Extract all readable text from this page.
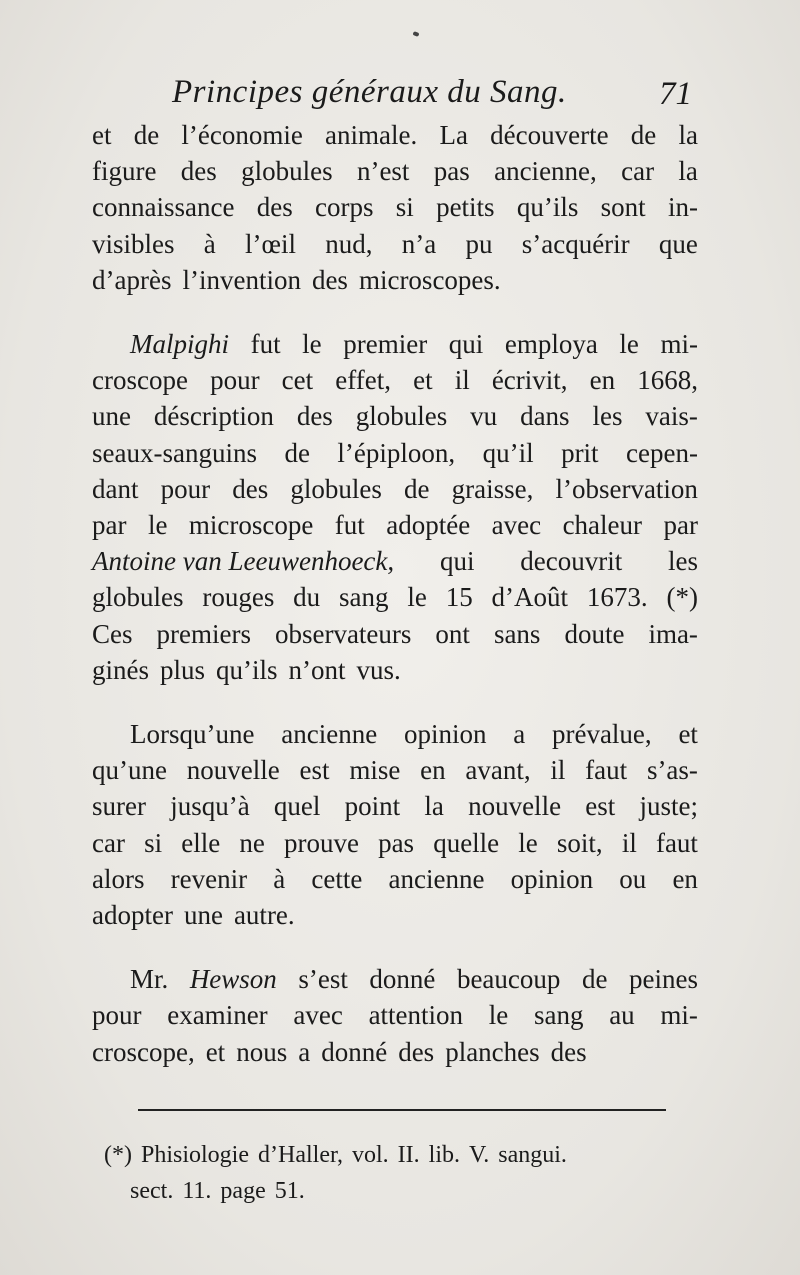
Principes généraux du Sang.	71
et de l’économie animale. La découverte de la
figure des globules n’est pas ancienne, car la
connaissance des corps si petits qu’ils sont in-
visibles à l’œil nud, n’a pu s’acquérir que
d’après l’invention des microscopes.
Malpighi fut le premier qui employa le mi-
croscope pour cet effet, et il écrivit, en 1668,
une déscription des globules vu dans les vais-
seaux-sanguins de l’épiploon, qu’il prit cepen-
dant pour des globules de graisse, l’observation
par le microscope fut adoptée avec chaleur par
Antoine van Leeuwenhoeck, qui decouvrit les
globules rouges du sang le 15 d’Août 1673. (*)
Ces premiers observateurs ont sans doute ima-
ginés plus qu’ils n’ont vus.
Lorsqu’une ancienne opinion a prévalue, et
qu’une nouvelle est mise en avant, il faut s’as-
surer jusqu’à quel point la nouvelle est juste;
car si elle ne prouve pas quelle le soit, il faut
alors revenir à cette ancienne opinion ou en
adopter une autre.
Mr. Hewson s’est donné beaucoup de peines
pour examiner avec attention le sang au mi-
croscope, et nous a donné des planches des
(*) Phisiologie d’Haller, vol. II. lib. V. sangui.
sect. 11. page 51.
